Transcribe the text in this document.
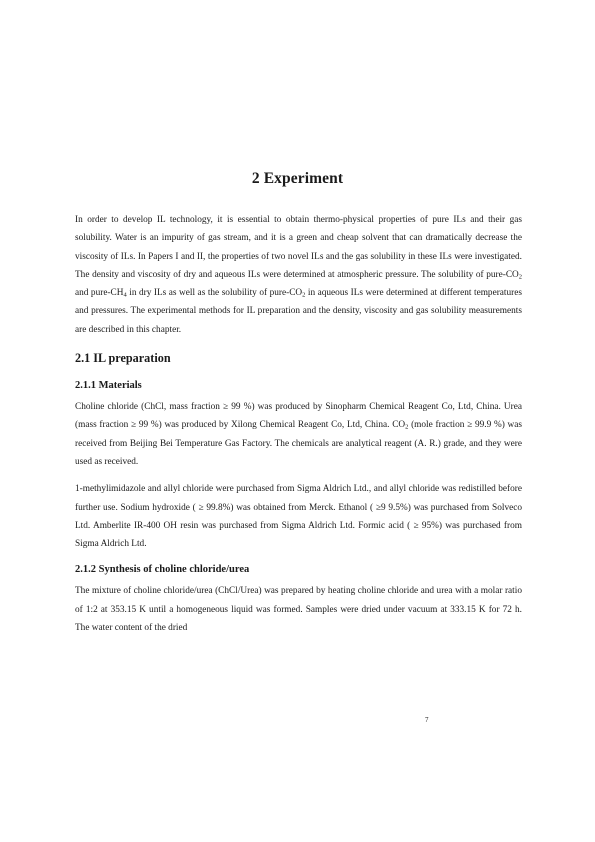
2 Experiment

In order to develop IL technology, it is essential to obtain thermo-physical properties of pure ILs and their gas solubility. Water is an impurity of gas stream, and it is a green and cheap solvent that can dramatically decrease the viscosity of ILs. In Papers I and II, the properties of two novel ILs and the gas solubility in these ILs were investigated. The density and viscosity of dry and aqueous ILs were determined at atmospheric pressure. The solubility of pure-$CO_2$ and pure-$CH_4$ in dry ILs as well as the solubility of pure-$CO_2$ in aqueous ILs were determined at different temperatures and pressures. The experimental methods for IL preparation and the density, viscosity and gas solubility measurements are described in this chapter.

2.1 IL preparation
2.1.1 Materials

Choline chloride (ChCl, mass fraction ≥ 99 %) was produced by Sinopharm Chemical Reagent Co, Ltd, China. Urea (mass fraction ≥ 99 %) was produced by Xilong Chemical Reagent Co, Ltd, China. $CO_2$ (mole fraction ≥ 99.9 %) was received from Beijing Bei Temperature Gas Factory. The chemicals are analytical reagent (A. R.) grade, and they were used as received.

1-methylimidazole and allyl chloride were purchased from Sigma Aldrich Ltd., and allyl chloride was redistilled before further use. Sodium hydroxide ( ≥ 99.8%) was obtained from Merck. Ethanol ( ≥9 9.5%) was purchased from Solveco Ltd. Amberlite IR-400 OH resin was purchased from Sigma Aldrich Ltd. Formic acid ( ≥ 95%) was purchased from Sigma Aldrich Ltd.

2.1.2 Synthesis of choline chloride/urea

The mixture of choline chloride/urea (ChCl/Urea) was prepared by heating choline chloride and urea with a molar ratio of 1:2 at 353.15 K until a homogeneous liquid was formed. Samples were dried under vacuum at 333.15 K for 72 h. The water content of the dried

7
